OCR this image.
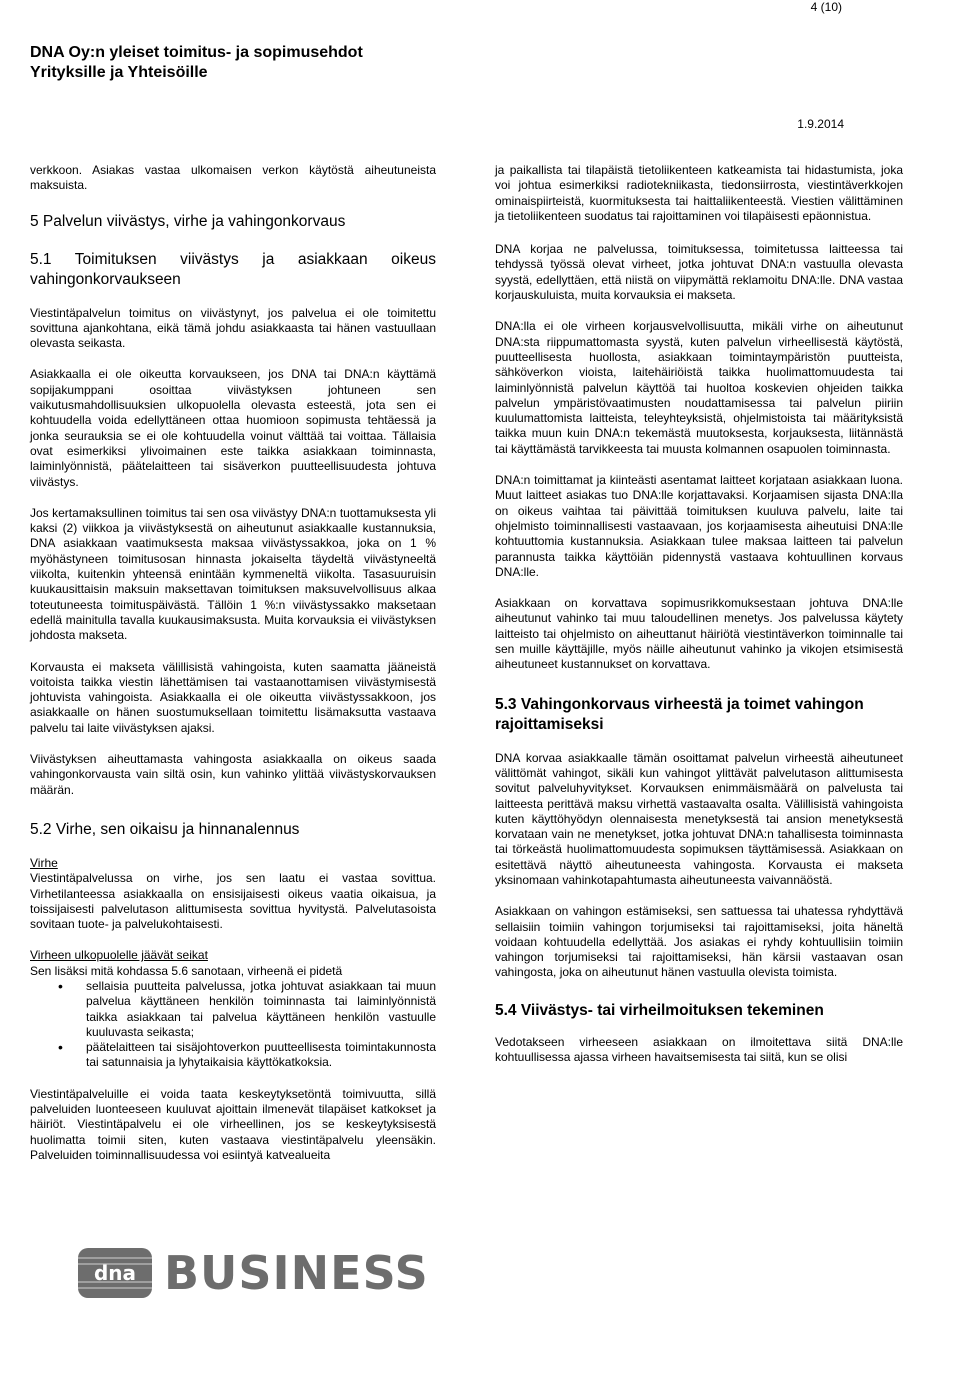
4 (10)
DNA Oy:n yleiset toimitus- ja sopimusehdot
Yrityksille ja Yhteisöille
1.9.2014

verkkoon. Asiakas vastaa ulkomaisen verkon käytöstä aiheutuneista maksuista.

5 Palvelun viivästys, virhe ja vahingonkorvaus
5.1 Toimituksen viivästys ja asiakkaan oikeus vahingonkorvaukseen

Viestintäpalvelun toimitus on viivästynyt, jos palvelua ei ole toimitettu sovittuna ajankohtana, eikä tämä johdu asiakkaasta tai hänen vastuullaan olevasta seikasta.

Asiakkaalla ei ole oikeutta korvaukseen, jos DNA tai DNA:n käyttämä sopijakumppani osoittaa viivästyksen johtuneen sen vaikutusmahdollisuuksien ulkopuolella olevasta esteestä, jota sen ei kohtuudella voida edellyttäneen ottaa huomioon sopimusta tehtäessä ja jonka seurauksia se ei ole kohtuudella voinut välttää tai voittaa. Tällaisia ovat esimerkiksi ylivoimainen este taikka asiakkaan toiminnasta, laiminlyönnistä, päätelaitteen tai sisäverkon puutteellisuudesta johtuva viivästys.

Jos kertamaksullinen toimitus tai sen osa viivästyy DNA:n tuottamuksesta yli kaksi (2) viikkoa ja viivästyksestä on aiheutunut asiakkaalle kustannuksia, DNA asiakkaan vaatimuksesta maksaa viivästyssakkoa, joka on 1 % myöhästyneen toimitusosan hinnasta jokaiselta täydeltä viivästyneeltä viikolta, kuitenkin yhteensä enintään kymmeneltä viikolta. Tasasuuruisin kuukausittaisin maksuin maksettavan toimituksen maksuvelvollisuus alkaa toteutuneesta toimituspäivästä. Tällöin 1 %:n viivästyssakko maksetaan edellä mainitulla tavalla kuukausimaksusta. Muita korvauksia ei viivästyksen johdosta makseta.

Korvausta ei makseta välillisistä vahingoista, kuten saamatta jääneistä voitoista taikka viestin lähettämisen tai vastaanottamisen viivästymisestä johtuvista vahingoista. Asiakkaalla ei ole oikeutta viivästyssakkoon, jos asiakkaalle on hänen suostumuksellaan toimitettu lisämaksutta vastaava palvelu tai laite viivästyksen ajaksi.

Viivästyksen aiheuttamasta vahingosta asiakkaalla on oikeus saada vahingonkorvausta vain siltä osin, kun vahinko ylittää viivästyskorvauksen määrän.

5.2 Virhe, sen oikaisu ja hinnanalennus

Virhe

Viestintäpalvelussa on virhe, jos sen laatu ei vastaa sovittua. Virhetilanteessa asiakkaalla on ensisijaisesti oikeus vaatia oikaisua, ja toissijaisesti palvelutason alittumisesta sovittua hyvitystä. Palvelutasoista sovitaan tuote- ja palvelukohtaisesti.

Virheen ulkopuolelle jäävät seikat

Sen lisäksi mitä kohdassa 5.6 sanotaan, virheenä ei pidetä

• sellaisia puutteita palvelussa, jotka johtuvat asiakkaan tai muun palvelua käyttäneen henkilön toiminnasta tai laiminlyönnistä taikka asiakkaan tai palvelua käyttäneen henkilön vastuulle kuuluvasta seikasta;
• päätelaitteen tai sisäjohtoverkon puutteellisesta toimintakunnosta tai satunnaisia ja lyhytaikaisia käyttökatkoksia.

Viestintäpalveluille ei voida taata keskeytyksetöntä toimivuutta, sillä palveluiden luonteeseen kuuluvat ajoittain ilmenevät tilapäiset katkokset ja häiriöt. Viestintäpalvelu ei ole virheellinen, jos se keskeytyksisestä huolimatta toimii siten, kuten vastaava viestintäpalvelu yleensäkin. Palveluiden toiminnallisuudessa voi esiintyä katvealueita

ja paikallista tai tilapäistä tietoliikenteen katkeamista tai hidastumista, joka voi johtua esimerkiksi radiotekniikasta, tiedonsiirrosta, viestintäverkkojen ominaispiirteistä, kuormituksesta tai haittaliikenteestä. Viestien välittäminen ja tietoliikenteen suodatus tai rajoittaminen voi tilapäisesti epäonnistua.

DNA korjaa ne palvelussa, toimituksessa, toimitetussa laitteessa tai tehdyssä työssä olevat virheet, jotka johtuvat DNA:n vastuulla olevasta syystä, edellyttäen, että niistä on viipymättä reklamoitu DNA:lle. DNA vastaa korjauskuluista, muita korvauksia ei makseta.

DNA:lla ei ole virheen korjausvelvollisuutta, mikäli virhe on aiheutunut DNA:sta riippumattomasta syystä, kuten palvelun virheellisestä käytöstä, puutteellisesta huollosta, asiakkaan toimintaympäristön puutteista, sähköverkon vioista, laitehäiriöistä taikka huolimattomuudesta tai laiminlyönnistä palvelun käyttöä tai huoltoa koskevien ohjeiden taikka palvelun ympäristövaatimusten noudattamisessa tai palvelun piiriin kuulumattomista laitteista, teleyhteyksistä, ohjelmistoista tai määrityksistä taikka muun kuin DNA:n tekemästä muutoksesta, korjauksesta, liitännästä tai käyttämästä tarvikkeesta tai muusta kolmannen osapuolen toiminnasta.

DNA:n toimittamat ja kiinteästi asentamat laitteet korjataan asiakkaan luona. Muut laitteet asiakas tuo DNA:lle korjattavaksi. Korjaamisen sijasta DNA:lla on oikeus vaihtaa tai päivittää toimituksen kuuluva palvelu, laite tai ohjelmisto toiminnallisesti vastaavaan, jos korjaamisesta aiheutuisi DNA:lle kohtuuttomia kustannuksia. Asiakkaan tulee maksaa laitteen tai palvelun parannusta taikka käyttöiän pidennystä vastaava kohtuullinen korvaus DNA:lle.

Asiakkaan on korvattava sopimusrikkomuksestaan johtuva DNA:lle aiheutunut vahinko tai muu taloudellinen menetys. Jos palvelussa käytety laitteisto tai ohjelmisto on aiheuttanut häiriötä viestintäverkon toiminnalle tai sen muille käyttäjille, myös näille aiheutunut vahinko ja vikojen etsimisestä aiheutuneet kustannukset on korvattava.

5.3 Vahingonkorvaus virheestä ja toimet vahingon rajoittamiseksi

DNA korvaa asiakkaalle tämän osoittamat palvelun virheestä aiheutuneet välittömät vahingot, sikäli kun vahingot ylittävät palvelutason alittumisesta sovitut palveluhyvitykset. Korvauksen enimmäismäärä on palvelusta tai laitteesta perittävä maksu virhettä vastaavalta osalta. Välillisistä vahingoista kuten käyttöhyödyn olennaisesta menetyksestä tai ansion menetyksestä korvataan vain ne menetykset, jotka johtuvat DNA:n tahallisesta toiminnasta tai törkeästä huolimattomuudesta sopimuksen täyttämisessä. Asiakkaan on esitettävä näyttö aiheutuneesta vahingosta. Korvausta ei makseta yksinomaan vahinkotapahtumasta aiheutuneesta vaivannäöstä.

Asiakkaan on vahingon estämiseksi, sen sattuessa tai uhatessa ryhdyttävä sellaisiin toimiin vahingon torjumiseksi tai rajoittamiseksi, joita häneltä voidaan kohtuudella edellyttää. Jos asiakas ei ryhdy kohtuullisiin toimiin vahingon torjumiseksi tai rajoittamiseksi, hän kärsii vastaavan osan vahingosta, joka on aiheutunut hänen vastuulla olevista toimista.

5.4 Viivästys- tai virheilmoituksen tekeminen

Vedotakseen virheeseen asiakkaan on ilmoitettava siitä DNA:lle kohtuullisessa ajassa virheen havaitsemisesta tai siitä, kun se olisi

dna BUSINESS
